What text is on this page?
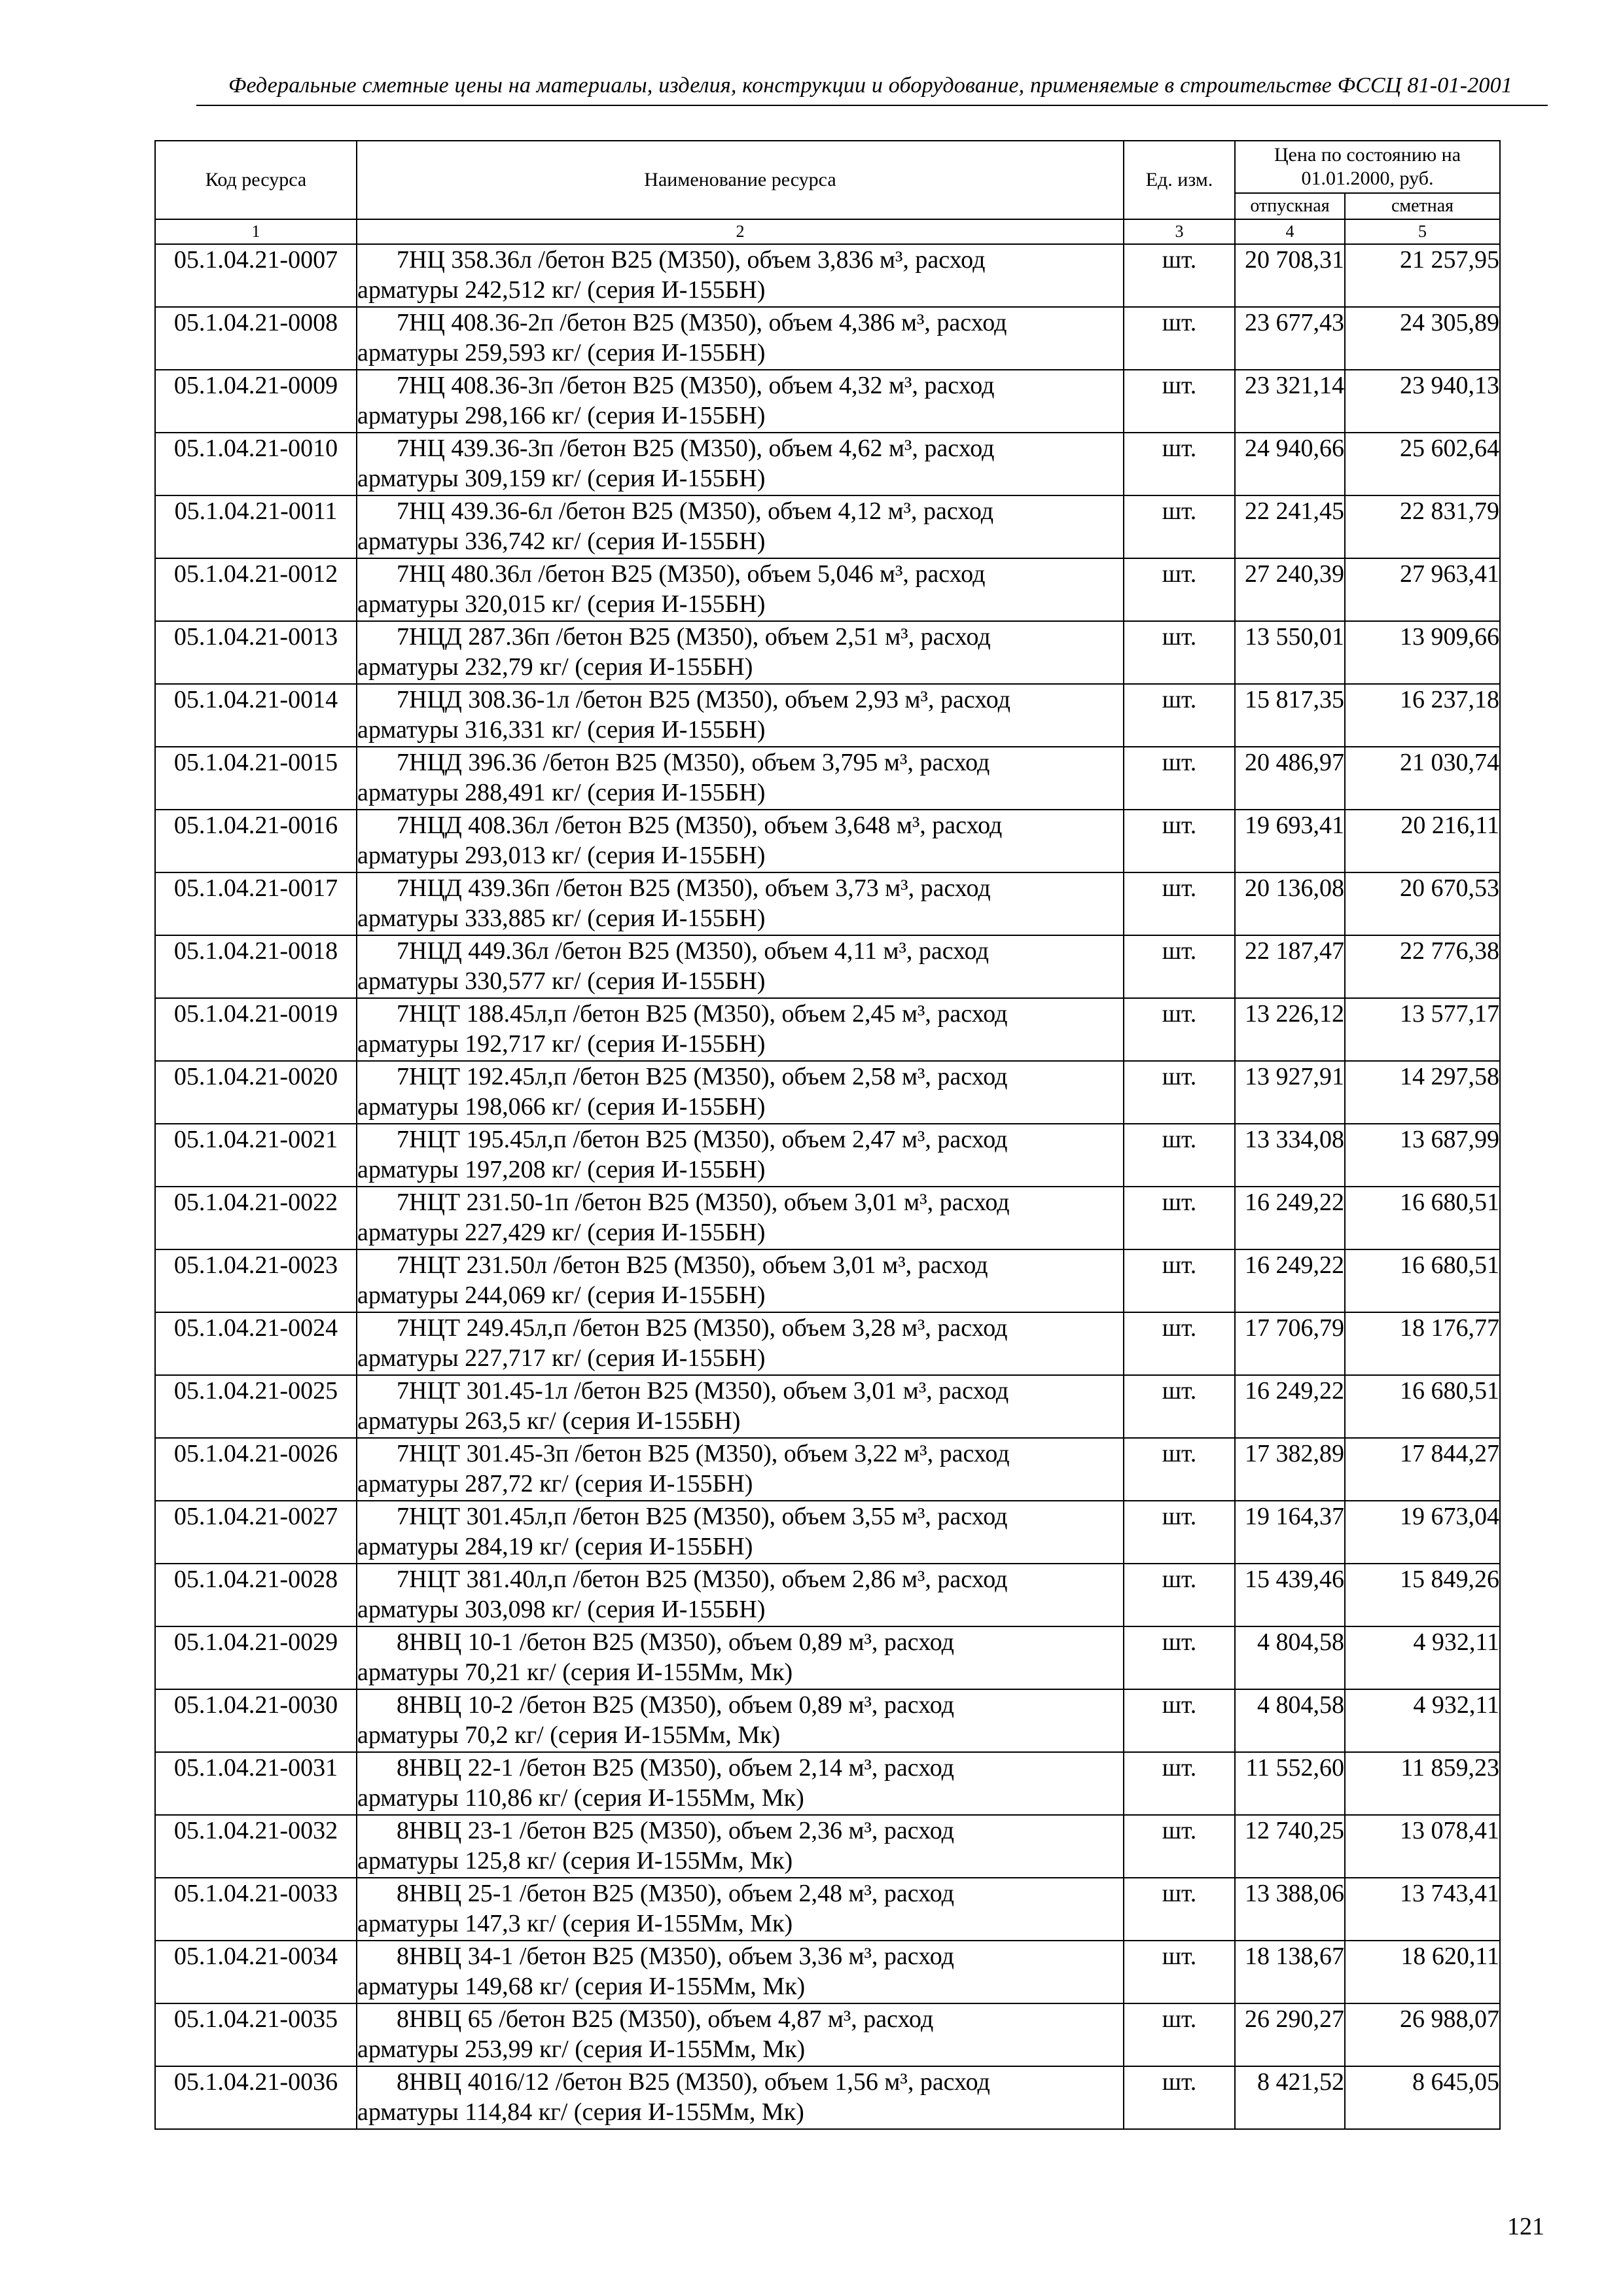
Федеральные сметные цены на материалы, изделия, конструкции и оборудование, применяемые в строительстве ФССЦ 81-01-2001
Код ресурса	Наименование ресурса	Ед. изм.	Цена по состоянию на 01.01.2000, руб.	
			отпускная	сметная
1	2	3	4	5
05.1.04.21-0007	7НЦ 358.36л /бетон В25 (М350), объем 3,836 м³, расход
арматуры 242,512 кг/ (серия И-155БН)	шт.	20 708,31	21 257,95
05.1.04.21-0008	7НЦ 408.36-2п /бетон В25 (М350), объем 4,386 м³, расход
арматуры 259,593 кг/ (серия И-155БН)	шт.	23 677,43	24 305,89
05.1.04.21-0009	7НЦ 408.36-3п /бетон В25 (М350), объем 4,32 м³, расход
арматуры 298,166 кг/ (серия И-155БН)	шт.	23 321,14	23 940,13
05.1.04.21-0010	7НЦ 439.36-3п /бетон В25 (М350), объем 4,62 м³, расход
арматуры 309,159 кг/ (серия И-155БН)	шт.	24 940,66	25 602,64
05.1.04.21-0011	7НЦ 439.36-6л /бетон В25 (М350), объем 4,12 м³, расход
арматуры 336,742 кг/ (серия И-155БН)	шт.	22 241,45	22 831,79
05.1.04.21-0012	7НЦ 480.36л /бетон В25 (М350), объем 5,046 м³, расход
арматуры 320,015 кг/ (серия И-155БН)	шт.	27 240,39	27 963,41
05.1.04.21-0013	7НЦД 287.36п /бетон В25 (М350), объем 2,51 м³, расход
арматуры 232,79 кг/ (серия И-155БН)	шт.	13 550,01	13 909,66
05.1.04.21-0014	7НЦД 308.36-1л /бетон В25 (М350), объем 2,93 м³, расход
арматуры 316,331 кг/ (серия И-155БН)	шт.	15 817,35	16 237,18
05.1.04.21-0015	7НЦД 396.36 /бетон В25 (М350), объем 3,795 м³, расход
арматуры 288,491 кг/ (серия И-155БН)	шт.	20 486,97	21 030,74
05.1.04.21-0016	7НЦД 408.36л /бетон В25 (М350), объем 3,648 м³, расход
арматуры 293,013 кг/ (серия И-155БН)	шт.	19 693,41	20 216,11
05.1.04.21-0017	7НЦД 439.36п /бетон В25 (М350), объем 3,73 м³, расход
арматуры 333,885 кг/ (серия И-155БН)	шт.	20 136,08	20 670,53
05.1.04.21-0018	7НЦД 449.36л /бетон В25 (М350), объем 4,11 м³, расход
арматуры 330,577 кг/ (серия И-155БН)	шт.	22 187,47	22 776,38
05.1.04.21-0019	7НЦТ 188.45л,п /бетон В25 (М350), объем 2,45 м³, расход
арматуры 192,717 кг/ (серия И-155БН)	шт.	13 226,12	13 577,17
05.1.04.21-0020	7НЦТ 192.45л,п /бетон В25 (М350), объем 2,58 м³, расход
арматуры 198,066 кг/ (серия И-155БН)	шт.	13 927,91	14 297,58
05.1.04.21-0021	7НЦТ 195.45л,п /бетон В25 (М350), объем 2,47 м³, расход
арматуры 197,208 кг/ (серия И-155БН)	шт.	13 334,08	13 687,99
05.1.04.21-0022	7НЦТ 231.50-1п /бетон В25 (М350), объем 3,01 м³, расход
арматуры 227,429 кг/ (серия И-155БН)	шт.	16 249,22	16 680,51
05.1.04.21-0023	7НЦТ 231.50л /бетон В25 (М350), объем 3,01 м³, расход
арматуры 244,069 кг/ (серия И-155БН)	шт.	16 249,22	16 680,51
05.1.04.21-0024	7НЦТ 249.45л,п /бетон В25 (М350), объем 3,28 м³, расход
арматуры 227,717 кг/ (серия И-155БН)	шт.	17 706,79	18 176,77
05.1.04.21-0025	7НЦТ 301.45-1л /бетон В25 (М350), объем 3,01 м³, расход
арматуры 263,5 кг/ (серия И-155БН)	шт.	16 249,22	16 680,51
05.1.04.21-0026	7НЦТ 301.45-3п /бетон В25 (М350), объем 3,22 м³, расход
арматуры 287,72 кг/ (серия И-155БН)	шт.	17 382,89	17 844,27
05.1.04.21-0027	7НЦТ 301.45л,п /бетон В25 (М350), объем 3,55 м³, расход
арматуры 284,19 кг/ (серия И-155БН)	шт.	19 164,37	19 673,04
05.1.04.21-0028	7НЦТ 381.40л,п /бетон В25 (М350), объем 2,86 м³, расход
арматуры 303,098 кг/ (серия И-155БН)	шт.	15 439,46	15 849,26
05.1.04.21-0029	8НВЦ 10-1 /бетон В25 (М350), объем 0,89 м³, расход
арматуры 70,21 кг/ (серия И-155Мм, Мк)	шт.	4 804,58	4 932,11
05.1.04.21-0030	8НВЦ 10-2 /бетон В25 (М350), объем 0,89 м³, расход
арматуры 70,2 кг/ (серия И-155Мм, Мк)	шт.	4 804,58	4 932,11
05.1.04.21-0031	8НВЦ 22-1 /бетон В25 (М350), объем 2,14 м³, расход
арматуры 110,86 кг/ (серия И-155Мм, Мк)	шт.	11 552,60	11 859,23
05.1.04.21-0032	8НВЦ 23-1 /бетон В25 (М350), объем 2,36 м³, расход
арматуры 125,8 кг/ (серия И-155Мм, Мк)	шт.	12 740,25	13 078,41
05.1.04.21-0033	8НВЦ 25-1 /бетон В25 (М350), объем 2,48 м³, расход
арматуры 147,3 кг/ (серия И-155Мм, Мк)	шт.	13 388,06	13 743,41
05.1.04.21-0034	8НВЦ 34-1 /бетон В25 (М350), объем 3,36 м³, расход
арматуры 149,68 кг/ (серия И-155Мм, Мк)	шт.	18 138,67	18 620,11
05.1.04.21-0035	8НВЦ 65 /бетон В25 (М350), объем 4,87 м³, расход
арматуры 253,99 кг/ (серия И-155Мм, Мк)	шт.	26 290,27	26 988,07
05.1.04.21-0036	8НВЦ 4016/12 /бетон В25 (М350), объем 1,56 м³, расход
арматуры 114,84 кг/ (серия И-155Мм, Мк)	шт.	8 421,52	8 645,05
121
